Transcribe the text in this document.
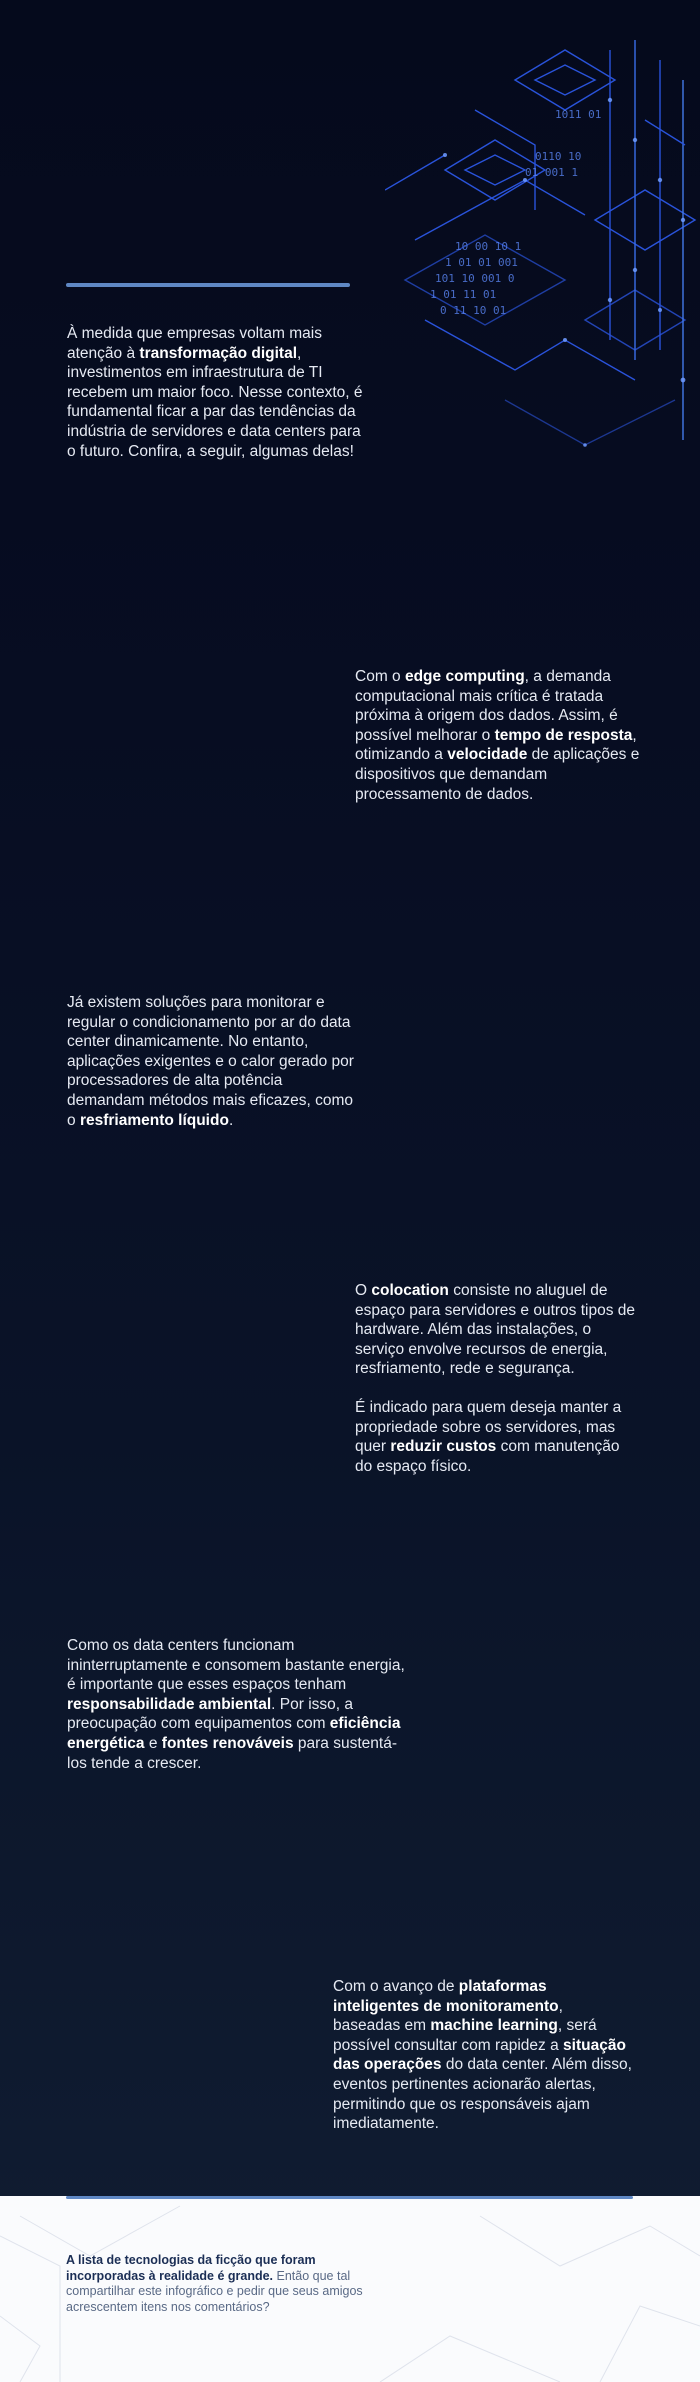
10 00 10 1
1 01 01 001
101 10 001 0
1 01 11 01
0 11 10 01
0110 10
01 001 1
1011 01
À medida que empresas voltam mais atenção à transformação digital, investimentos em infraestrutura de TI recebem um maior foco. Nesse contexto, é fundamental ficar a par das tendências da indústria de servidores e data centers para o futuro. Confira, a seguir, algumas delas!
Com o edge computing, a demanda computacional mais crítica é tratada próxima à origem dos dados. Assim, é possível melhorar o tempo de resposta, otimizando a velocidade de aplicações e dispositivos que demandam processamento de dados.
Já existem soluções para monitorar e regular o condicionamento por ar do data center dinamicamente. No entanto, aplicações exigentes e o calor gerado por processadores de alta potência demandam métodos mais eficazes, como o resfriamento líquido.

O colocation consiste no aluguel de espaço para servidores e outros tipos de hardware. Além das instalações, o serviço envolve recursos de energia, resfriamento, rede e segurança.

É indicado para quem deseja manter a propriedade sobre os servidores, mas quer reduzir custos com manutenção do espaço físico.

Como os data centers funcionam ininterruptamente e consomem bastante energia, é importante que esses espaços tenham responsabilidade ambiental. Por isso, a preocupação com equipamentos com eficiência energética e fontes renováveis para sustentá-los tende a crescer.
Com o avanço de plataformas inteligentes de monitoramento, baseadas em machine learning, será possível consultar com rapidez a situação das operações do data center. Além disso, eventos pertinentes acionarão alertas, permitindo que os responsáveis ajam imediatamente.
A lista de tecnologias da ficção que foram incorporadas à realidade é grande. Então que tal compartilhar este infográfico e pedir que seus amigos acrescentem itens nos comentários?
